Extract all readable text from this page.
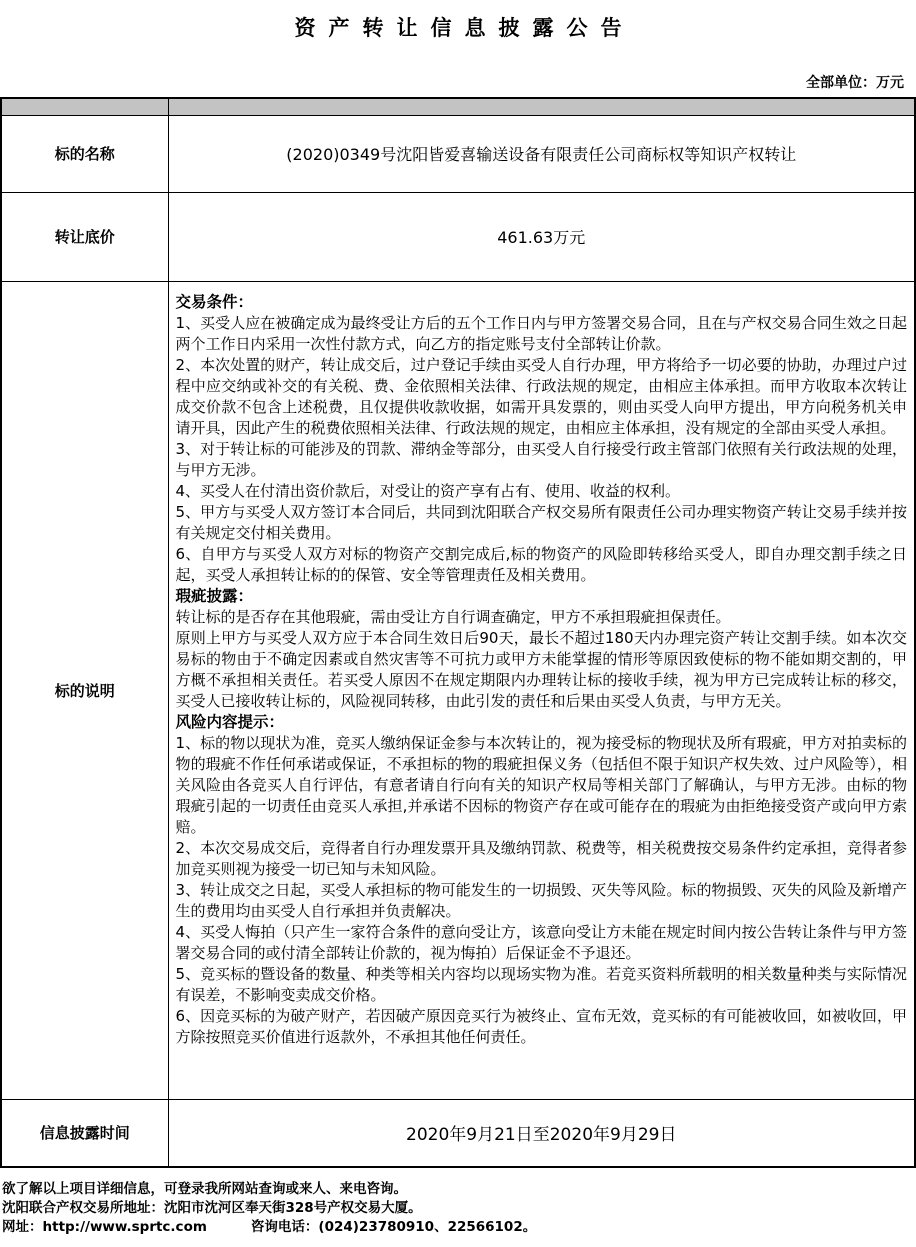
资产转让信息披露公告
全部单位：万元

标的名称	(2020)0349号沈阳皆爱喜输送设备有限责任公司商标权等知识产权转让
转让底价	461.63万元
标的说明	
交易条件：

1、买受人应在被确定成为最终受让方后的五个工作日内与甲方签署交易合同，且在与产权交易合同生效之日起两个工作日内采用一次性付款方式，向乙方的指定账号支付全部转让价款。

2、本次处置的财产，转让成交后，过户登记手续由买受人自行办理，甲方将给予一切必要的协助，办理过户过程中应交纳或补交的有关税、费、金依照相关法律、行政法规的规定，由相应主体承担。而甲方收取本次转让成交价款不包含上述税费，且仅提供收款收据，如需开具发票的，则由买受人向甲方提出，甲方向税务机关申请开具，因此产生的税费依照相关法律、行政法规的规定，由相应主体承担，没有规定的全部由买受人承担。

3、对于转让标的可能涉及的罚款、滞纳金等部分，由买受人自行接受行政主管部门依照有关行政法规的处理，与甲方无涉。

4、买受人在付清出资价款后，对受让的资产享有占有、使用、收益的权利。

5、甲方与买受人双方签订本合同后，共同到沈阳联合产权交易所有限责任公司办理实物资产转让交易手续并按有关规定交付相关费用。

6、自甲方与买受人双方对标的物资产交割完成后,标的物资产的风险即转移给买受人，即自办理交割手续之日起，买受人承担转让标的的保管、安全等管理责任及相关费用。

瑕疵披露：

转让标的是否存在其他瑕疵，需由受让方自行调查确定，甲方不承担瑕疵担保责任。

原则上甲方与买受人双方应于本合同生效日后90天，最长不超过180天内办理完资产转让交割手续。如本次交易标的物由于不确定因素或自然灾害等不可抗力或甲方未能掌握的情形等原因致使标的物不能如期交割的，甲方概不承担相关责任。若买受人原因不在规定期限内办理转让标的接收手续，视为甲方已完成转让标的移交，买受人已接收转让标的，风险视同转移，由此引发的责任和后果由买受人负责，与甲方无关。

风险内容提示：

1、标的物以现状为准，竞买人缴纳保证金参与本次转让的，视为接受标的物现状及所有瑕疵，甲方对拍卖标的物的瑕疵不作任何承诺或保证，不承担标的物的瑕疵担保义务（包括但不限于知识产权失效、过户风险等），相关风险由各竞买人自行评估，有意者请自行向有关的知识产权局等相关部门了解确认，与甲方无涉。由标的物瑕疵引起的一切责任由竞买人承担,并承诺不因标的物资产存在或可能存在的瑕疵为由拒绝接受资产或向甲方索赔。

2、本次交易成交后，竞得者自行办理发票开具及缴纳罚款、税费等，相关税费按交易条件约定承担，竞得者参加竞买则视为接受一切已知与未知风险。

3、转让成交之日起，买受人承担标的物可能发生的一切损毁、灭失等风险。标的物损毁、灭失的风险及新增产生的费用均由买受人自行承担并负责解决。

4、买受人悔拍（只产生一家符合条件的意向受让方，该意向受让方未能在规定时间内按公告转让条件与甲方签署交易合同的或付清全部转让价款的，视为悔拍）后保证金不予退还。

5、竞买标的暨设备的数量、种类等相关内容均以现场实物为准。若竞买资料所载明的相关数量种类与实际情况有误差，不影响变卖成交价格。

6、因竞买标的为破产财产，若因破产原因竞买行为被终止、宣布无效，竞买标的有可能被收回，如被收回，甲方除按照竞买价值进行返款外，不承担其他任何责任。

信息披露时间	2020年9月21日至2020年9月29日
欲了解以上项目详细信息，可登录我所网站查询或来人、来电咨询。
沈阳联合产权交易所地址：沈阳市沈河区奉天街328号产权交易大厦。
网址：http://www.sprtc.com	咨询电话：(024)23780910、22566102。
